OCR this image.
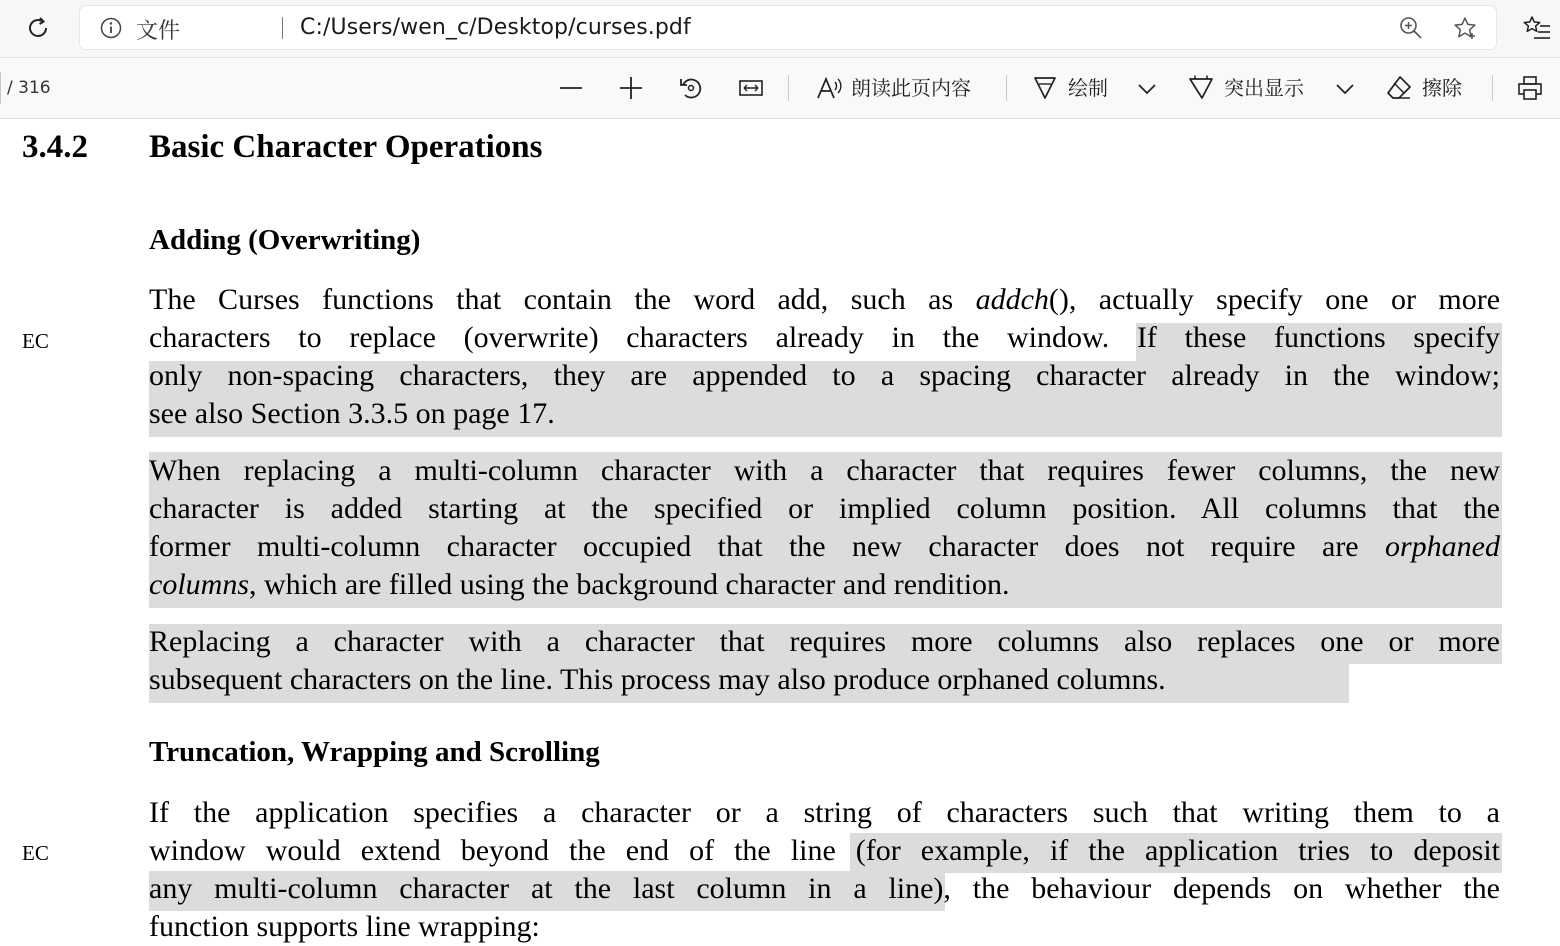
文件	C:/Users/wen_c/Desktop/curses.pdf
/ 316	朗读此页内容	绘制	突出显示	擦除
3.4.2 Basic Character Operations
Adding (Overwriting)
EC

The Curses functions that contain the word add, such as addch(), actually specify one or more

characters to replace (overwrite) characters already in the window. If these functions specify

only non-spacing characters, they are appended to a spacing character already in the window;

see also Section 3.3.5 on page 17.

When replacing a multi-column character with a character that requires fewer columns, the new

character is added starting at the specified or implied column position. All columns that the

former multi-column character occupied that the new character does not require are orphaned

columns, which are filled using the background character and rendition.

Replacing a character with a character that requires more columns also replaces one or more

subsequent characters on the line. This process may also produce orphaned columns.

Truncation, Wrapping and Scrolling
EC

If the application specifies a character or a string of characters such that writing them to a

window would extend beyond the end of the line (for example, if the application tries to deposit

any multi-column character at the last column in a line), the behaviour depends on whether the

function supports line wrapping:
